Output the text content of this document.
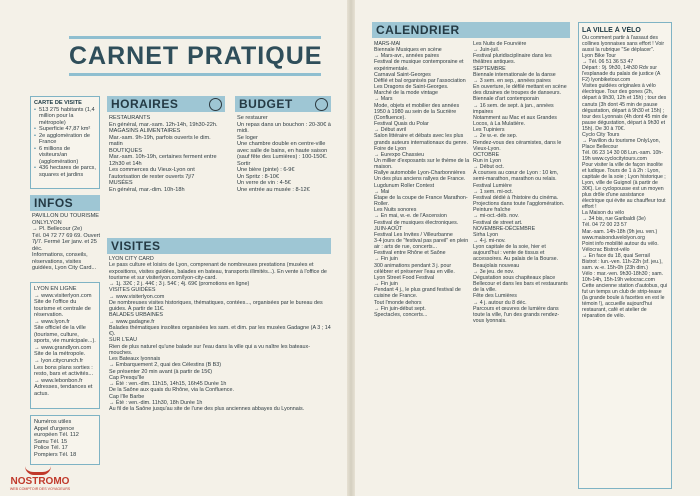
CARNET PRATIQUE
CARTE DE VISITE
• 513 275 habitants (1,4 million pour la métropole)
• Superficie 47,87 km²
• 2e agglomération de France
• 6 millions de visiteurs/an (agglomération)
• 436 hectares de parcs, squares et jardins
INFOS
PAVILLON DU TOURISME ONLYLYON
→ Pl. Bellecour (2e)
Tél. 04 72 77 69 69. Ouvert 7j/7. Fermé 1er janv. et 25 déc.
Informations, conseils, réservations, visites guidées, Lyon City Card...
LYON EN LIGNE
→ www.visiterlyon.com
Site de l'office du tourisme et centrale de réservation.
→ www.lyon.fr
Site officiel de la ville (tourisme, culture, sports, vie municipale...).
→ www.grandlyon.com
Site de la métropole.
→ lyon.citycrunch.fr
Les bons plans sorties : resto, bars et activités...
→ www.lebonbon.fr
Adresses, tendances et actus.
Numéros utiles
Appel d'urgence européen Tél. 112
Samu Tél. 15
Police Tél. 17
Pompiers Tél. 18
HORAIRES
RESTAURANTS
En général, mar.-sam. 12h-14h, 19h30-22h.
MAGASINS ALIMENTAIRES
Mar.-sam. 9h-19h, parfois ouverts le dim. matin
BOUTIQUES
Mar.-sam. 10h-19h, certaines ferment entre 12h30 et 14h
Les commerces du Vieux-Lyon ont l'autorisation de rester ouverts 7j/7
MUSÉES
En général, mar.-dim. 10h-18h
BUDGET
Se restaurer
Un repas dans un bouchon : 20-30€ à midi.
Se loger
Une chambre double en centre-ville avec salle de bains, en haute saison (sauf fête des Lumières) : 100-150€.
Sortir
Une bière (pinte) : 6-9€
Un Spritz : 8-10€
Un verre de vin : 4-5€
Une entrée au musée : 8-12€
VISITES
LYON CITY CARD
Le pass culture et loisirs de Lyon, comprenant de nombreuses prestations (musées et expositions, visites guidées, balades en bateau, transports illimités...). En vente à l'office de tourisme et sur visiterlyon.com/lyon-city-card.
→ 1j. 32€ ; 2 j. 44€ ; 3 j. 54€ ; 4j. 69€ (promotions en ligne)
VISITES GUIDÉES
→ www.visiterlyon.com
De nombreuses visites historiques, thématiques, contées..., organisées par le bureau des guides. À partir de 11€.
BALADES URBAINES
→ www.gadagne.fr
Balades thématiques insolites organisées les sam. et dim. par les musées Gadagne (A 3 ; 14 €).
SUR L'EAU
Rien de plus naturel qu'une balade sur l'eau dans la ville qui a vu naître les bateaux-mouches.
Les Bateaux lyonnais
→ Embarquement 2, quai des Célestins (B B3)
Se présenter 20 min avant (à partir de 15€)
Cap Presqu'île
→ Été : ven.-dim. 11h15, 14h15, 16h45 Durée 1h
De la Saône aux quais du Rhône, via la Confluence.
Cap l'Ile Barbe
→ Été : ven.-dim. 11h30, 18h Durée 1h
Au fil de la Saône jusqu'au site de l'une des plus anciennes abbayes du Lyonnais.
NOSTROMO
WEB COMPTOIR DES VOYAGEURS
CALENDRIER
MARS-MAI
Biennale Musiques en scène
→ Mars-avr., années paires
Festival de musique contemporaine et expérimentale.
Carnaval Saint-Georges
Défilé et bal organisés par l'association Les Dragons de Saint-Georges.
Marché de la mode vintage
→ Mars
Mode, objets et mobilier des années 1950 à 1980 au sein de la Sucrière (Confluence).
Festival Quais du Polar
→ Début avril
Salon littéraire et débats avec les plus grands auteurs internationaux du genre.
Foire de Lyon
→ Eurexpo Chassieu
Un millier d'exposants sur le thème de la maison.
Rallye automobile Lyon-Charbonnières
Un des plus anciens rallyes de France.
Lugdunum Roller Contest
→ Mai
Étape de la coupe de France Marathon-Roller.
Les Nuits sonores
→ En mai, w.-e. de l'Ascension
Festival de musiques électroniques.
JUIN-AOÛT
Festival Les Invites / Villeurbanne
3-4 jours de "festival pas pareil" en plein air : arts de rue, concerts...
Festival entre Rhône et Saône
→ Fin juin
300 animations pendant 3 j. pour célébrer et préserver l'eau en ville.
Lyon Street Food Festival
→ Fin juin
Pendant 4 j., le plus grand festival de cuisine de France.
Tout l'monde dehors
→ Fin juin-début sept.
Spectacles, concerts...
Les Nuits de Fourvière
→ Juin-juil.
Festival pluridisciplinaire dans les théâtres antiques.
SEPTEMBRE
Biennale internationale de la danse
→ 3 sem. en sep., années paires
En ouverture, le défilé mettant en scène des dizaines de troupes de danseurs.
Biennale d'art contemporain
→ 16 sem. de sept. à jan., années impaires
Notamment au Mac et aux Grandes Locos, à La Mulatière.
Les Tupiniers
→ 2e w.-e. de sep.
Rendez-vous des céramistes, dans le Vieux-Lyon.
OCTOBRE
Run in Lyon
→ Début oct.
À courses au cœur de Lyon : 10 km, semi-marathon, marathon ou relais.
Festival Lumière
→ 1 sem. mi-oct.
Festival dédié à l'histoire du cinéma. Projections dans toute l'agglomération.
Peinture fraîche
→ mi-oct.-déb. nov.
Festival de street art.
NOVEMBRE-DÉCEMBRE
Sirha Lyon
→ 4-j. mi-nov.
Lyon capitale de la soie, hier et aujourd'hui : vente de tissus et accessoires. Au palais de la Bourse.
Beaujolais nouveau
→ 3e jeu. de nov.
Dégustation sous chapiteaux place Bellecour et dans les bars et restaurants de la ville.
Fête des Lumières
→ 4 j. autour du 8 déc.
Parcours et œuvres de lumière dans toute la ville, l'un des grands rendez-vous lyonnais.
LA VILLE À VÉLO
Ou comment partir à l'assaut des collines lyonnaises sans effort ! Voir aussi la rubrique "Se déplacer".
Lyon Bike Tour
→ Tél. 06 51 36 53 47
Départ : 9j. 9h30, 14h30 Rdv sur l'esplanade du palais de justice (A F2) lyonbiketour.com
Visites guidées originales à vélo électrique. Tour des gones (2h, départ à 9h30, 12h et 15h) ; tour des canuts (3h dont 45 min de pause dégustation, départ à 9h30 et 15h) ; tour des Lyonnais (4h dont 45 min de pause dégustation, départ à 9h30 et 15h). De 30 à 70€.
Cyclo City Tours
→ Pavillon du tourisme OnlyLyon, Place Bellecour
Tél. 06 23 14 30 08 Lun.-sam. 10h-19h www.cyclocitytours.com
Pour visiter la ville de façon insolite et ludique. Tours de 1 à 2h : Lyon, capitale de la soie ; Lyon historique ; Lyon, ville de Guignol (à partir de 30€). Le cyclopousse est un moyen plus drôle d'une assistance électrique qui évite au chauffeur tout effort !
La Maison du vélo
→ 34 bis, rue Garibaldi (3e)
Tél. 04 72 00 23 57
Mar.-sam. 14h-18h (9h jeu. ven.) www.maisonduvelolyon.org
Point info mobilité autour du vélo.
Vélocrac Bistrot-vélo
→ En face du 18, quai Serrail
Bistrot : lun.-ven. 11h-22h (sf. jeu.), sam. w.-e. 15h-0h (23h dim.)
Vélo : mar.-ven. 9h30-18h30 ; sam. 10h-14h, 15h-19h velocrac.com
Cette ancienne station d'autobus, qui fut un temps un club de strip-tease (la grande boule à facettes en est le témoin !), accueille aujourd'hui restaurant, café et atelier de réparation de vélo.
